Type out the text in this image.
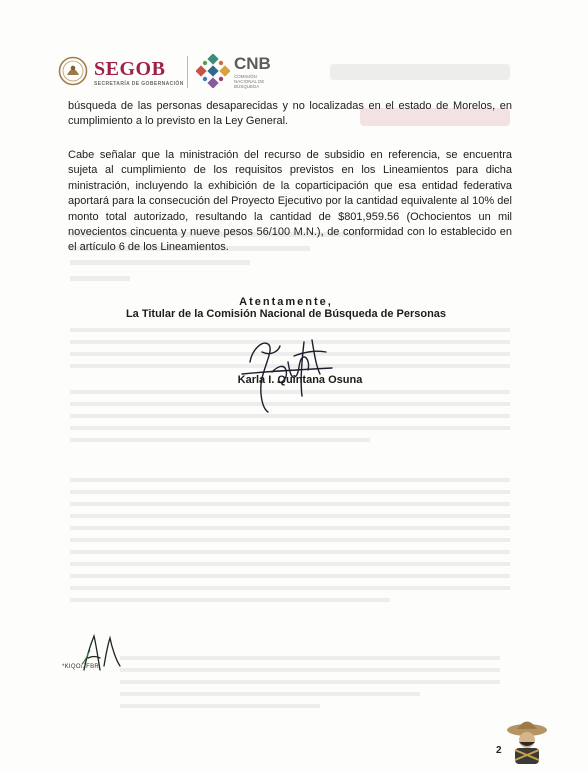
SEGOB
SECRETARÍA DE GOBERNACIÓN
CNB
COMISIÓN NACIONAL DE BÚSQUEDA

búsqueda de las personas desaparecidas y no localizadas en el estado de Morelos, en cumplimiento a lo previsto en la Ley General.

Cabe señalar que la ministración del recurso de subsidio en referencia, se encuentra sujeta al cumplimiento de los requisitos previstos en los Lineamientos para dicha ministración, incluyendo la exhibición de la coparticipación que esa entidad federativa aportará para la consecución del Proyecto Ejecutivo por la cantidad equivalente al 10% del monto total autorizado, resultando la cantidad de $801,959.56 (Ochocientos un mil novecientos cincuenta y nueve pesos 56/100 M.N.), de conformidad con lo establecido en el artículo 6 de los Lineamientos.

Atentamente,
La Titular de la Comisión Nacional de Búsqueda de Personas
Karla I. Quintana Osuna
*KIQO/JFBR
2
